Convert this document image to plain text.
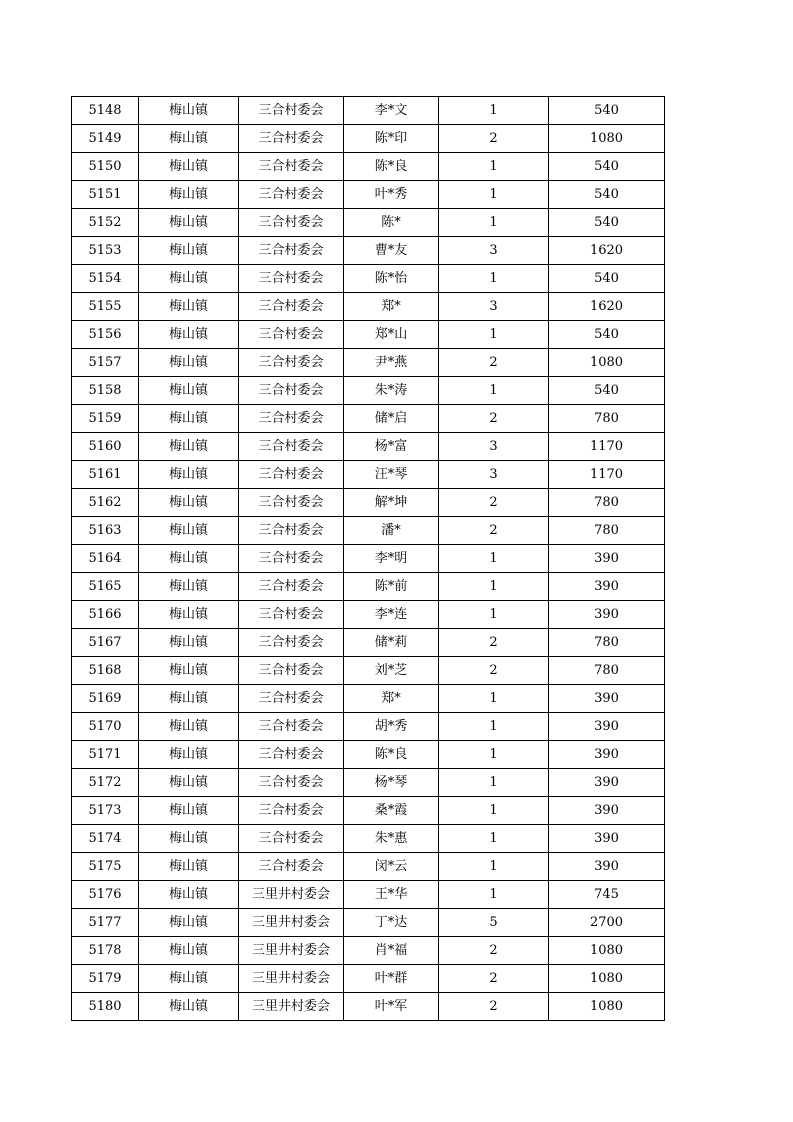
5148	梅山镇	三合村委会	李*文	1	540
5149	梅山镇	三合村委会	陈*印	2	1080
5150	梅山镇	三合村委会	陈*良	1	540
5151	梅山镇	三合村委会	叶*秀	1	540
5152	梅山镇	三合村委会	陈*	1	540
5153	梅山镇	三合村委会	曹*友	3	1620
5154	梅山镇	三合村委会	陈*怡	1	540
5155	梅山镇	三合村委会	郑*	3	1620
5156	梅山镇	三合村委会	郑*山	1	540
5157	梅山镇	三合村委会	尹*燕	2	1080
5158	梅山镇	三合村委会	朱*涛	1	540
5159	梅山镇	三合村委会	储*启	2	780
5160	梅山镇	三合村委会	杨*富	3	1170
5161	梅山镇	三合村委会	汪*琴	3	1170
5162	梅山镇	三合村委会	解*坤	2	780
5163	梅山镇	三合村委会	潘*	2	780
5164	梅山镇	三合村委会	李*明	1	390
5165	梅山镇	三合村委会	陈*前	1	390
5166	梅山镇	三合村委会	李*连	1	390
5167	梅山镇	三合村委会	储*莉	2	780
5168	梅山镇	三合村委会	刘*芝	2	780
5169	梅山镇	三合村委会	郑*	1	390
5170	梅山镇	三合村委会	胡*秀	1	390
5171	梅山镇	三合村委会	陈*良	1	390
5172	梅山镇	三合村委会	杨*琴	1	390
5173	梅山镇	三合村委会	桑*霞	1	390
5174	梅山镇	三合村委会	朱*惠	1	390
5175	梅山镇	三合村委会	闵*云	1	390
5176	梅山镇	三里井村委会	王*华	1	745
5177	梅山镇	三里井村委会	丁*达	5	2700
5178	梅山镇	三里井村委会	肖*福	2	1080
5179	梅山镇	三里井村委会	叶*群	2	1080
5180	梅山镇	三里井村委会	叶*军	2	1080
